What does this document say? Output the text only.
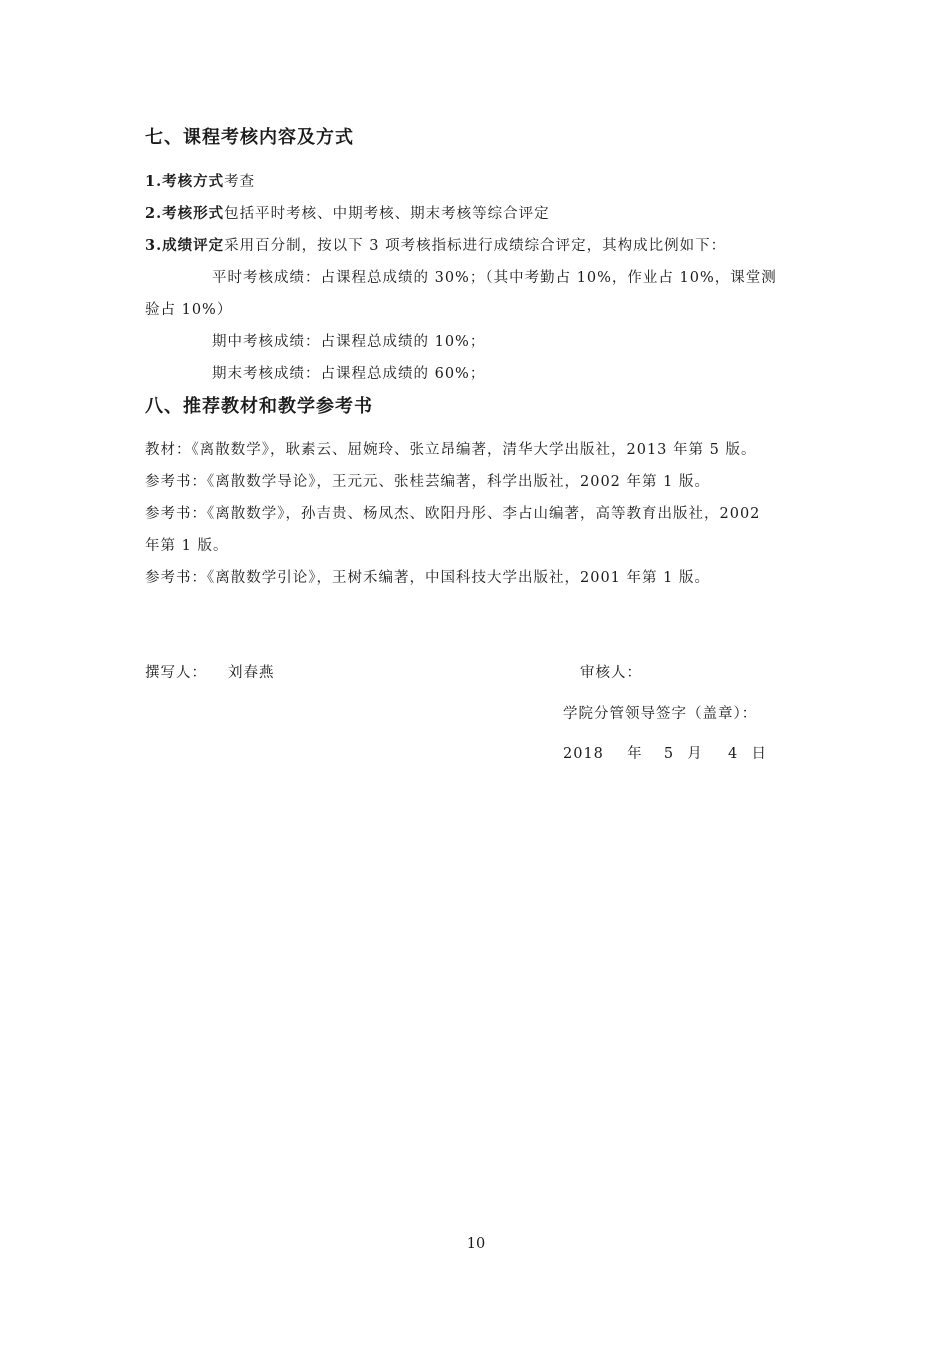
七、课程考核内容及方式
1.考核方式考查
2.考核形式包括平时考核、中期考核、期末考核等综合评定
3.成绩评定采用百分制，按以下 3 项考核指标进行成绩综合评定，其构成比例如下：
平时考核成绩：占课程总成绩的 30%；（其中考勤占 10%，作业占 10%，课堂测
验占 10%）
期中考核成绩：占课程总成绩的 10%；
期末考核成绩：占课程总成绩的 60%；
八、推荐教材和教学参考书
教材：《离散数学》，耿素云、屈婉玲、张立昂编著，清华大学出版社，2013 年第 5 版。
参考书：《离散数学导论》，王元元、张桂芸编著，科学出版社，2002 年第 1 版。
参考书：《离散数学》，孙吉贵、杨凤杰、欧阳丹彤、李占山编著，高等教育出版社，2002
年第 1 版。
参考书：《离散数学引论》，王树禾编著，中国科技大学出版社，2001 年第 1 版。
撰写人： 刘春燕	审核人：
学院分管领导签字（盖章）：
2018 年 5 月 4 日
10
